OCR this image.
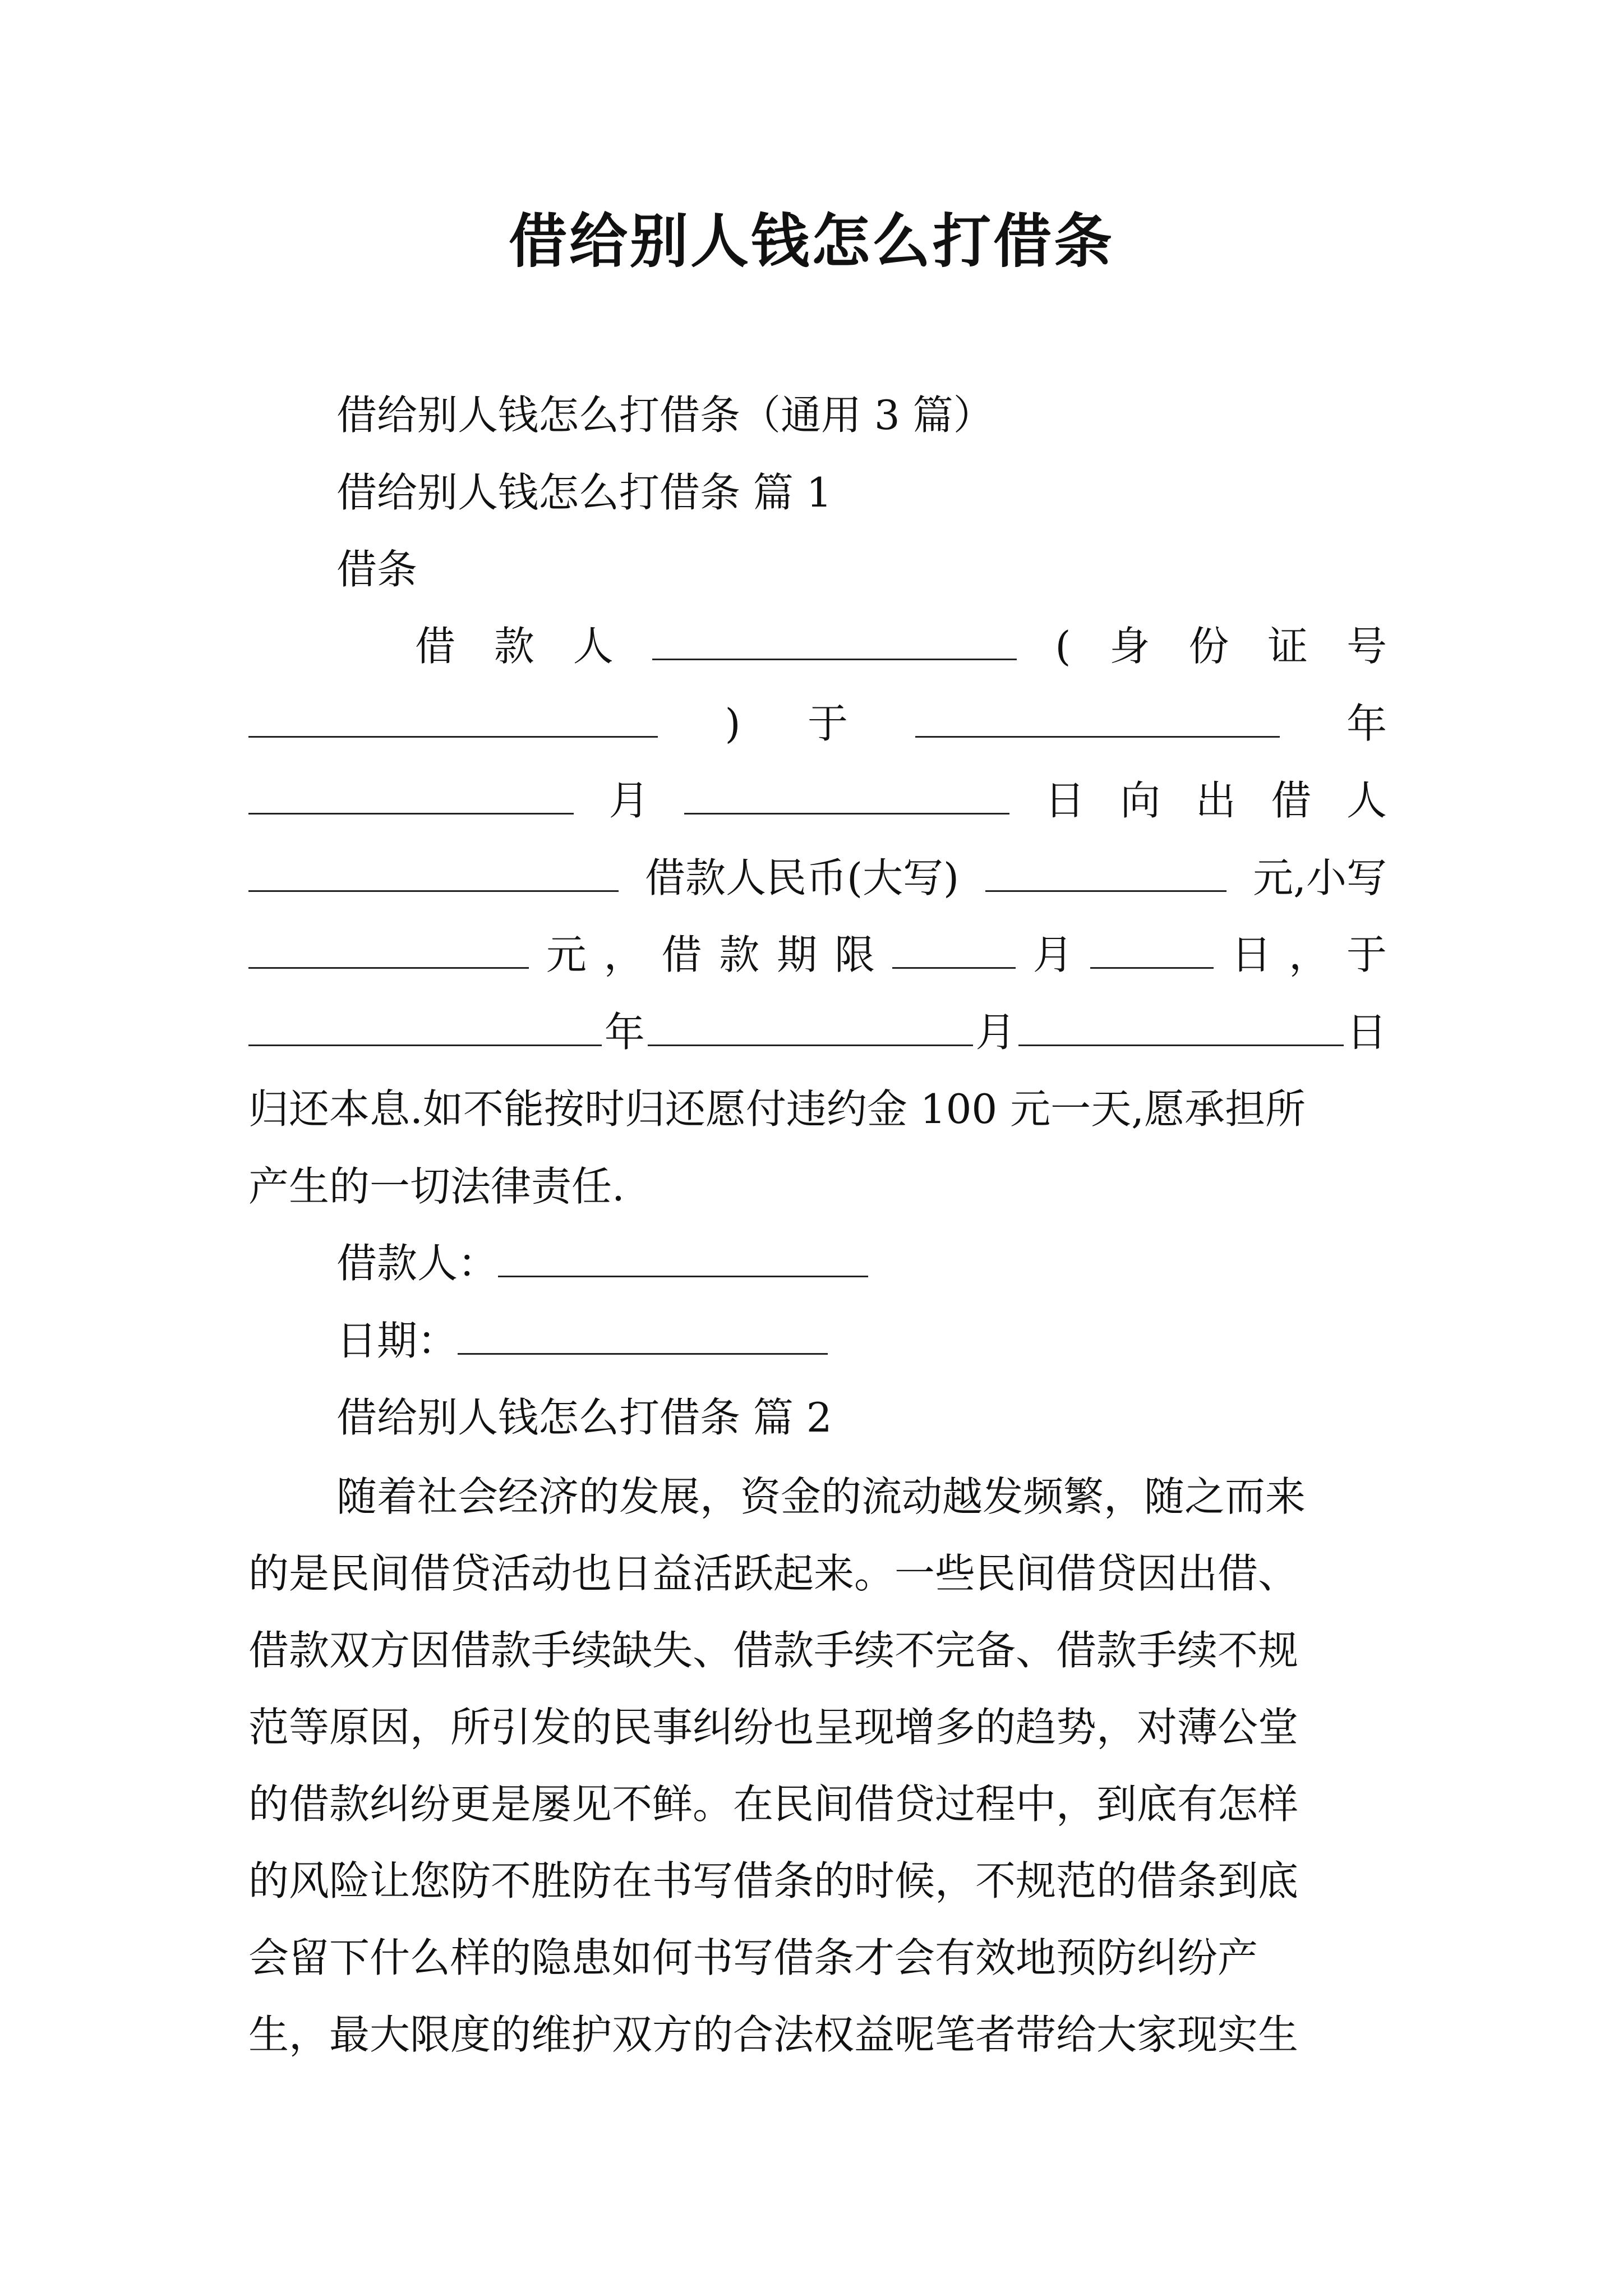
借给别人钱怎么打借条
借给别人钱怎么打借条（通用 3 篇）
借给别人钱怎么打借条 篇 1
借条
借 款 人	( 身 份 证 号
) 于	年
月	日 向 出 借 人
借款人民币(大写)	元,小写
元 ， 借 款 期 限	月	日 ， 于
年	月	日
归还本息.如不能按时归还愿付违约金 100 元一天,愿承担所
产生的一切法律责任.
借款人：
日期：
借给别人钱怎么打借条 篇 2
随着社会经济的发展，资金的流动越发频繁，随之而来
的是民间借贷活动也日益活跃起来。一些民间借贷因出借、
借款双方因借款手续缺失、借款手续不完备、借款手续不规
范等原因，所引发的民事纠纷也呈现增多的趋势，对薄公堂
的借款纠纷更是屡见不鲜。在民间借贷过程中，到底有怎样
的风险让您防不胜防在书写借条的时候，不规范的借条到底
会留下什么样的隐患如何书写借条才会有效地预防纠纷产
生，最大限度的维护双方的合法权益呢笔者带给大家现实生
